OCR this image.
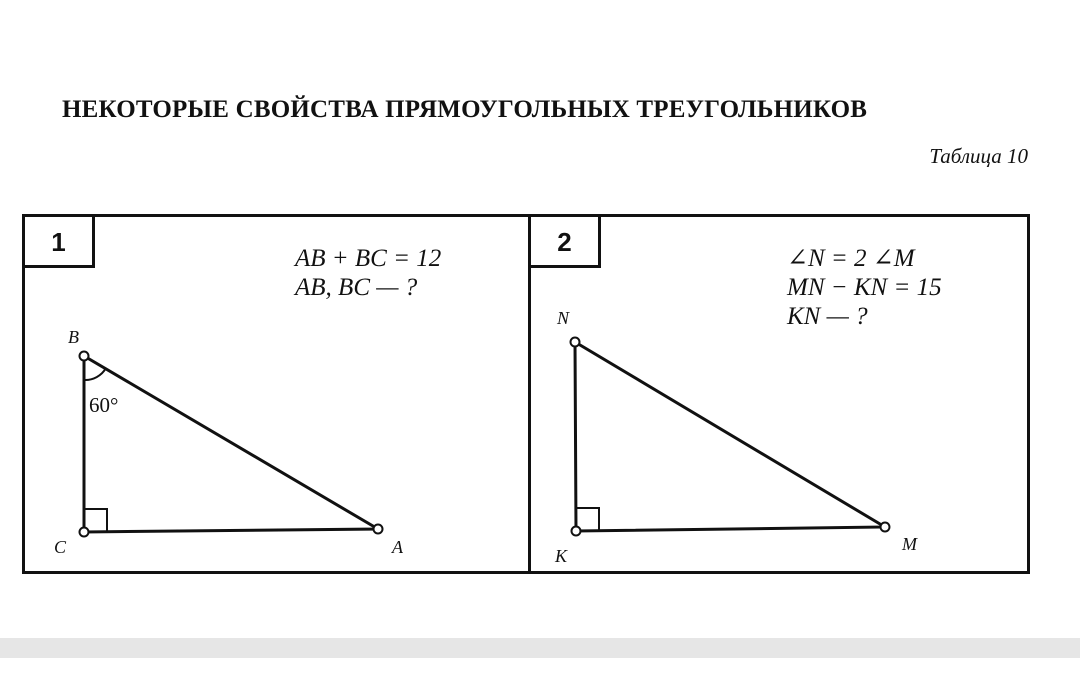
НЕКОТОРЫЕ СВОЙСТВА ПРЯМОУГОЛЬНЫХ ТРЕУГОЛЬНИКОВ
Таблица 10
1
AB + BC = 12
AB, BC — ?
2
∠N = 2 ∠M
MN − KN = 15
KN — ?
B
C	A
60°
N
K
M
